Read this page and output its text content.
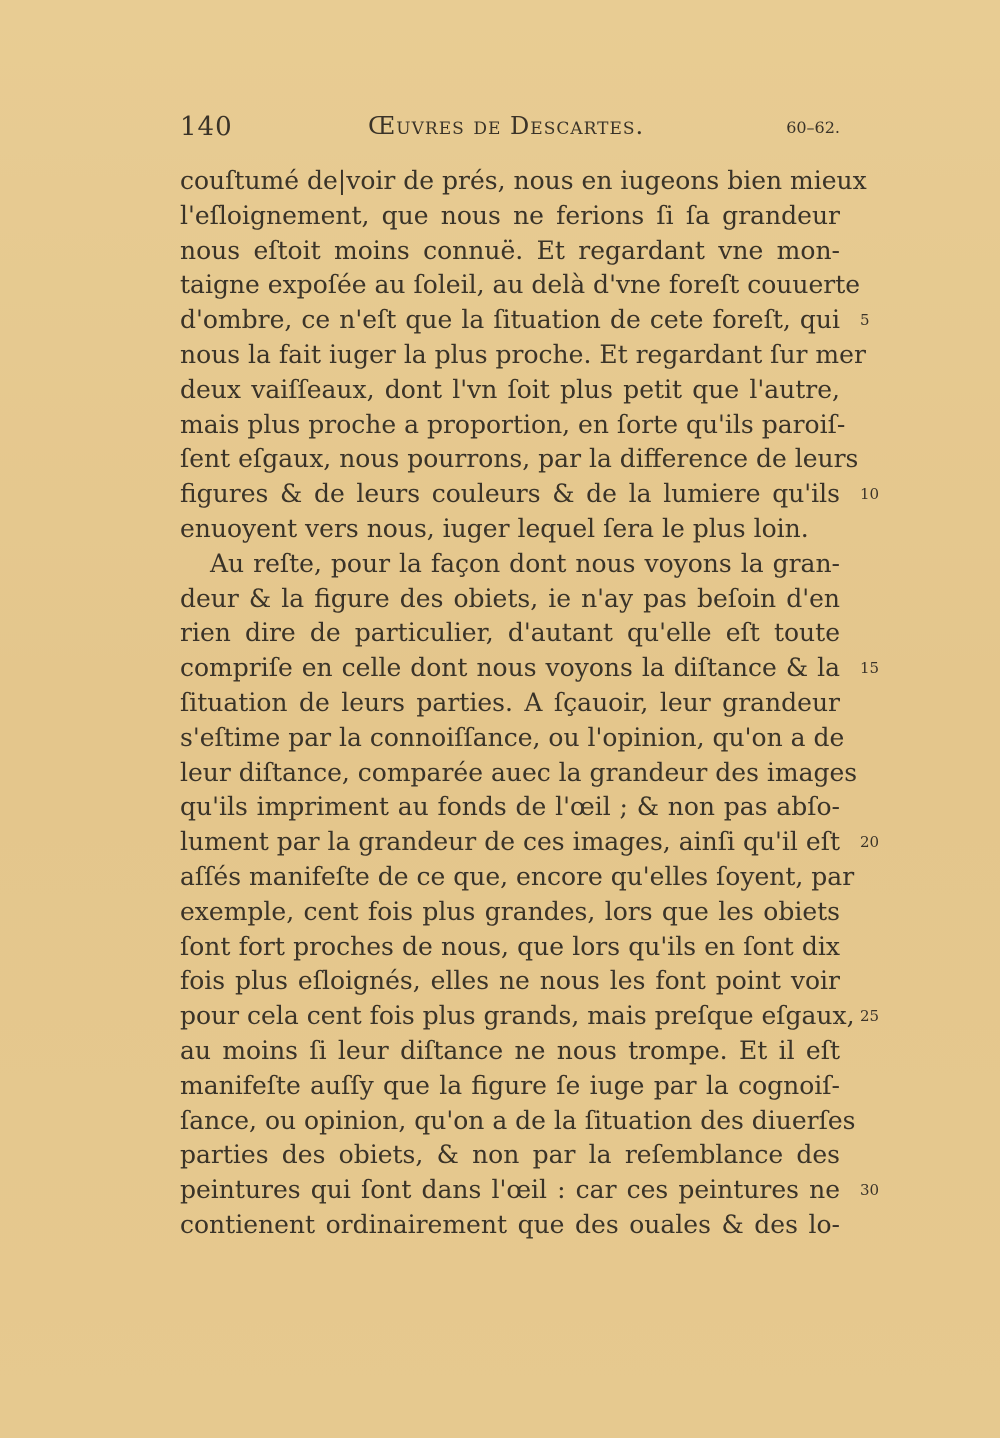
140	Œuvres de Descartes.	60–62.
couſtumé de|voir de prés, nous en iugeons bien mieux
l'eſloignement, que nous ne ferions ſi ſa grandeur
nous eſtoit moins connuë. Et regardant vne mon-
taigne expoſée au ſoleil, au delà d'vne foreſt couuerte
d'ombre, ce n'eſt que la ſituation de cete foreſt, qui
nous la fait iuger la plus proche. Et regardant ſur mer
deux vaiſſeaux, dont l'vn ſoit plus petit que l'autre,
mais plus proche a proportion, en ſorte qu'ils paroiſ-
ſent eſgaux, nous pourrons, par la difference de leurs
figures & de leurs couleurs & de la lumiere qu'ils
enuoyent vers nous, iuger lequel ſera le plus loin.
Au reſte, pour la façon dont nous voyons la gran-
deur & la figure des obiets, ie n'ay pas beſoin d'en
rien dire de particulier, d'autant qu'elle eſt toute
compriſe en celle dont nous voyons la diſtance & la
ſituation de leurs parties. A ſçauoir, leur grandeur
s'eſtime par la connoiſſance, ou l'opinion, qu'on a de
leur diſtance, comparée auec la grandeur des images
qu'ils impriment au fonds de l'œil ; & non pas abſo-
lument par la grandeur de ces images, ainſi qu'il eſt
aſſés manifeſte de ce que, encore qu'elles ſoyent, par
exemple, cent fois plus grandes, lors que les obiets
ſont fort proches de nous, que lors qu'ils en ſont dix
fois plus eſloignés, elles ne nous les font point voir
pour cela cent fois plus grands, mais preſque eſgaux,
au moins ſi leur diſtance ne nous trompe. Et il eſt
manifeſte auſſy que la figure ſe iuge par la cognoiſ-
ſance, ou opinion, qu'on a de la ſituation des diuerſes
parties des obiets, & non par la reſemblance des
peintures qui ſont dans l'œil : car ces peintures ne
contienent ordinairement que des ouales & des lo-
5
10
15
20
25
30
